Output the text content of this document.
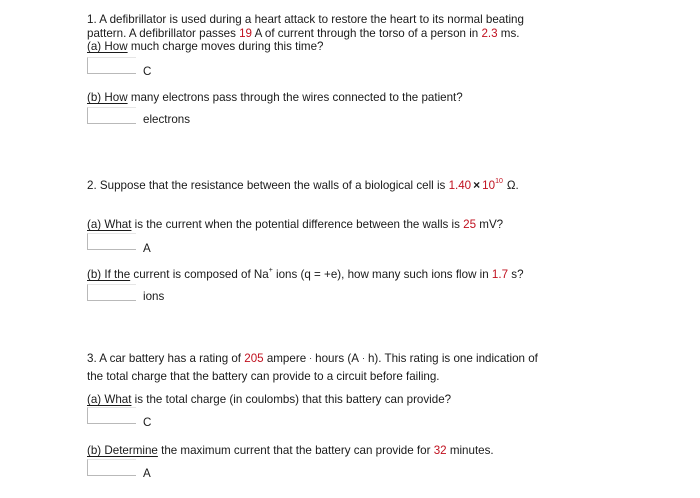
1. A defibrillator is used during a heart attack to restore the heart to its normal beating
pattern. A defibrillator passes 19 A of current through the torso of a person in 2.3 ms.
(a) How much charge moves during this time?
C
(b) How many electrons pass through the wires connected to the patient?
electrons
2. Suppose that the resistance between the walls of a biological cell is $1.40 \times 10^{10}$ Ω.
(a) What is the current when the potential difference between the walls is 25 mV?
A
(b) If the current is composed of Na+ ions (q = +e), how many such ions flow in 1.7 s?
ions
3. A car battery has a rating of 205 ampere · hours (A · h). This rating is one indication of
the total charge that the battery can provide to a circuit before failing.
(a) What is the total charge (in coulombs) that this battery can provide?
C
(b) Determine the maximum current that the battery can provide for 32 minutes.
A
